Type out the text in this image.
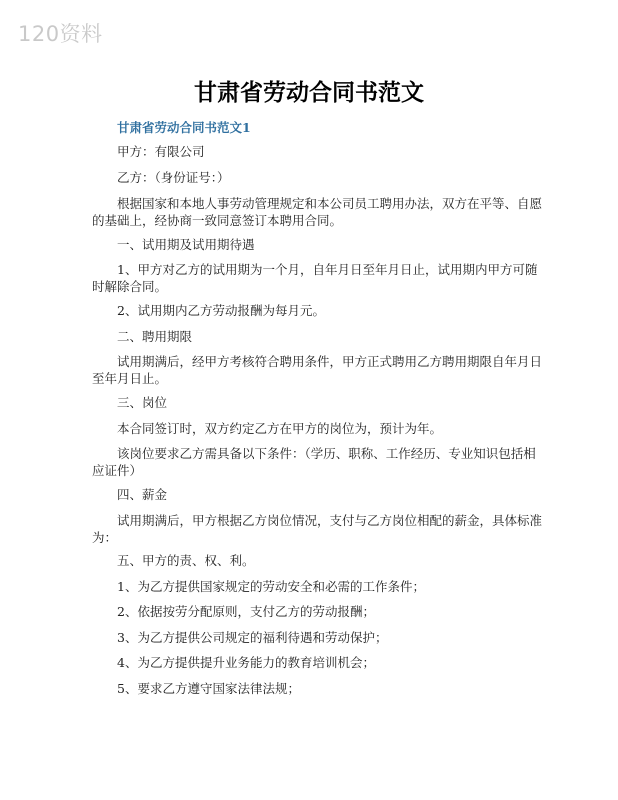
120资料
甘肃省劳动合同书范文
甘肃省劳动合同书范文1

甲方：有限公司

乙方：（身份证号：）

根据国家和本地人事劳动管理规定和本公司员工聘用办法，双方在平等、自愿的基础上，经协商一致同意签订本聘用合同。

一、试用期及试用期待遇

1、甲方对乙方的试用期为一个月，自年月日至年月日止，试用期内甲方可随时解除合同。

2、试用期内乙方劳动报酬为每月元。

二、聘用期限

试用期满后，经甲方考核符合聘用条件，甲方正式聘用乙方聘用期限自年月日至年月日止。

三、岗位

本合同签订时，双方约定乙方在甲方的岗位为，预计为年。

该岗位要求乙方需具备以下条件：（学历、职称、工作经历、专业知识包括相应证件）

四、薪金

试用期满后，甲方根据乙方岗位情况，支付与乙方岗位相配的薪金，具体标准为：

五、甲方的责、权、利。

1、为乙方提供国家规定的劳动安全和必需的工作条件；

2、依据按劳分配原则，支付乙方的劳动报酬；

3、为乙方提供公司规定的福利待遇和劳动保护；

4、为乙方提供提升业务能力的教育培训机会；

5、要求乙方遵守国家法律法规；
